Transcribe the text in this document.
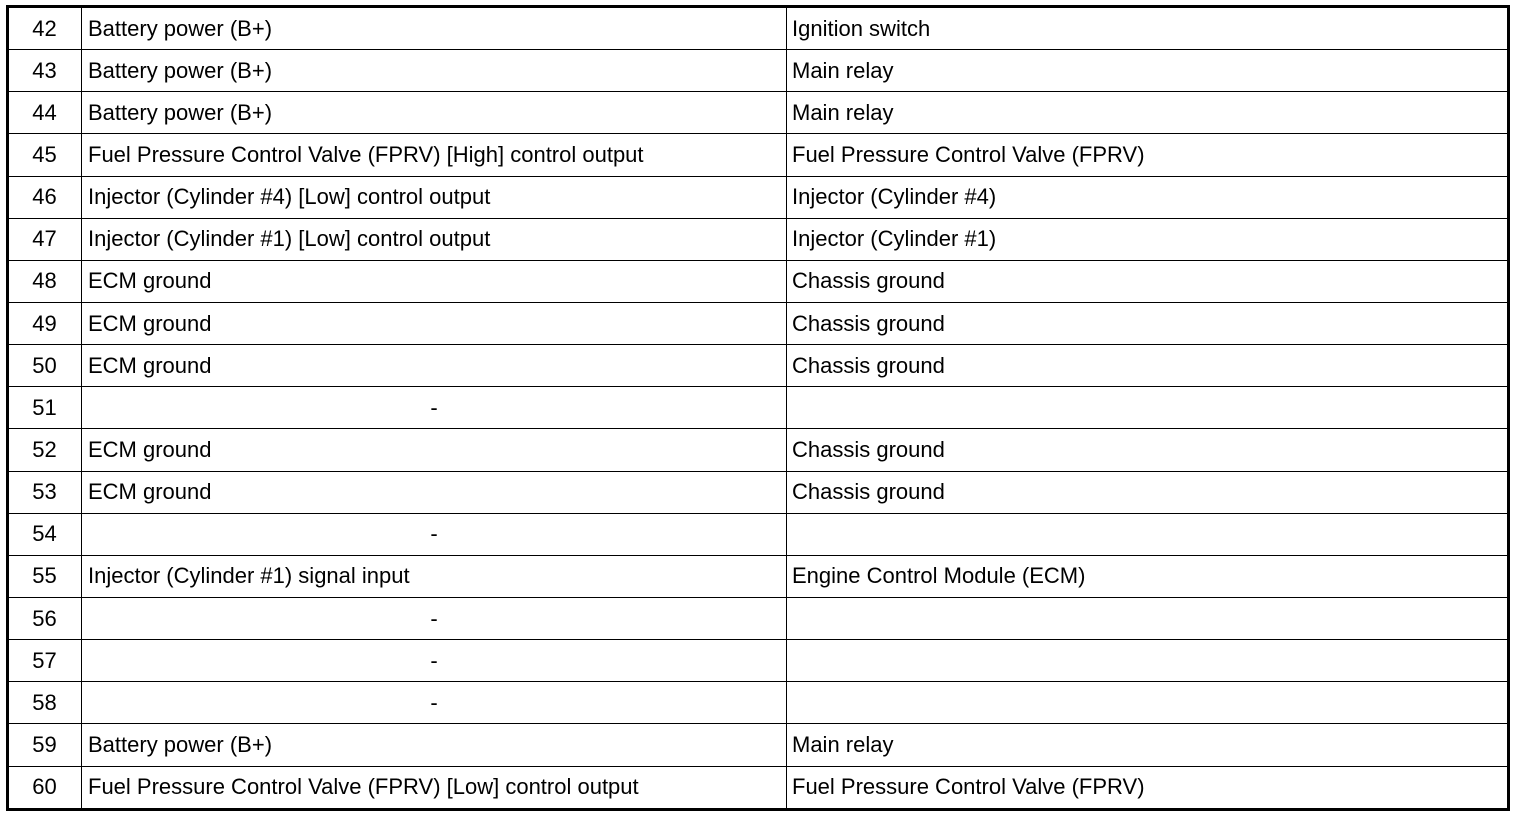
42	Battery power (B+)	Ignition switch
43	Battery power (B+)	Main relay
44	Battery power (B+)	Main relay
45	Fuel Pressure Control Valve (FPRV) [High] control output	Fuel Pressure Control Valve (FPRV)
46	Injector (Cylinder #4) [Low] control output	Injector (Cylinder #4)
47	Injector (Cylinder #1) [Low] control output	Injector (Cylinder #1)
48	ECM ground	Chassis ground
49	ECM ground	Chassis ground
50	ECM ground	Chassis ground
51	-	
52	ECM ground	Chassis ground
53	ECM ground	Chassis ground
54	-	
55	Injector (Cylinder #1) signal input	Engine Control Module (ECM)
56	-	
57	-	
58	-	
59	Battery power (B+)	Main relay
60	Fuel Pressure Control Valve (FPRV) [Low] control output	Fuel Pressure Control Valve (FPRV)
